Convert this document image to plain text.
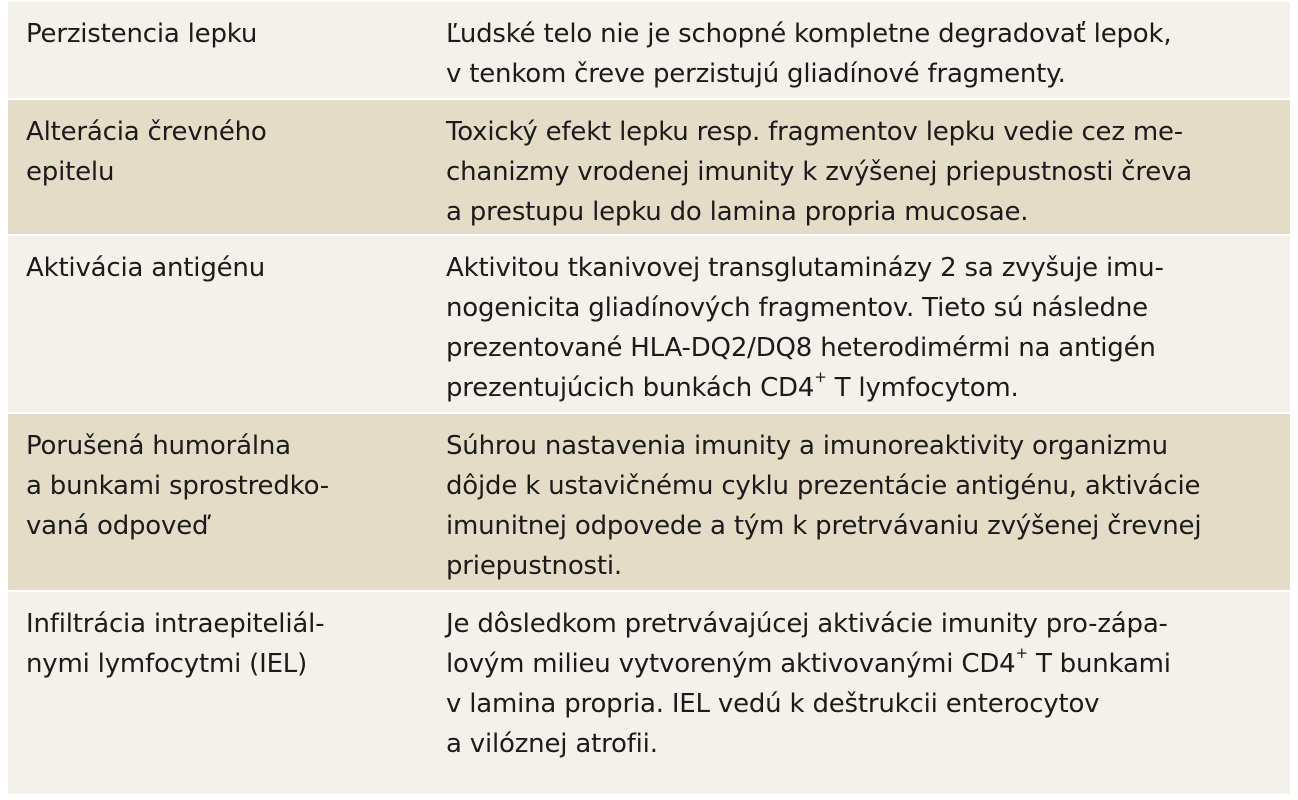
Perzistencia lepku	Ľudské telo nie je schopné kompletne degradovať lepok,
v tenkom čreve perzistujú gliadínové fragmenty.
Alterácia črevného
epitelu
Toxický efekt lepku resp. fragmentov lepku vedie cez me-
chanizmy vrodenej imunity k zvýšenej priepustnosti čreva
a prestupu lepku do lamina propria mucosae.
Aktivácia antigénu	Aktivitou tkanivovej transglutaminázy 2 sa zvyšuje imu-
nogenicita gliadínových fragmentov. Tieto sú následne
prezentované HLA-DQ2/DQ8 heterodimérmi na antigén
prezentujúcich bunkách CD4+ T lymfocytom.
Porušená humorálna
a bunkami sprostredko-
vaná odpoveď
Súhrou nastavenia imunity a imunoreaktivity organizmu
dôjde k ustavičnému cyklu prezentácie antigénu, aktivácie
imunitnej odpovede a tým k pretrvávaniu zvýšenej črevnej
priepustnosti.
Infiltrácia intraepiteliál-
nymi lymfocytmi (IEL)
Je dôsledkom pretrvávajúcej aktivácie imunity pro-zápa-
lovým milieu vytvoreným aktivovanými CD4+ T bunkami
v lamina propria. IEL vedú k deštrukcii enterocytov
a vilóznej atrofii.
